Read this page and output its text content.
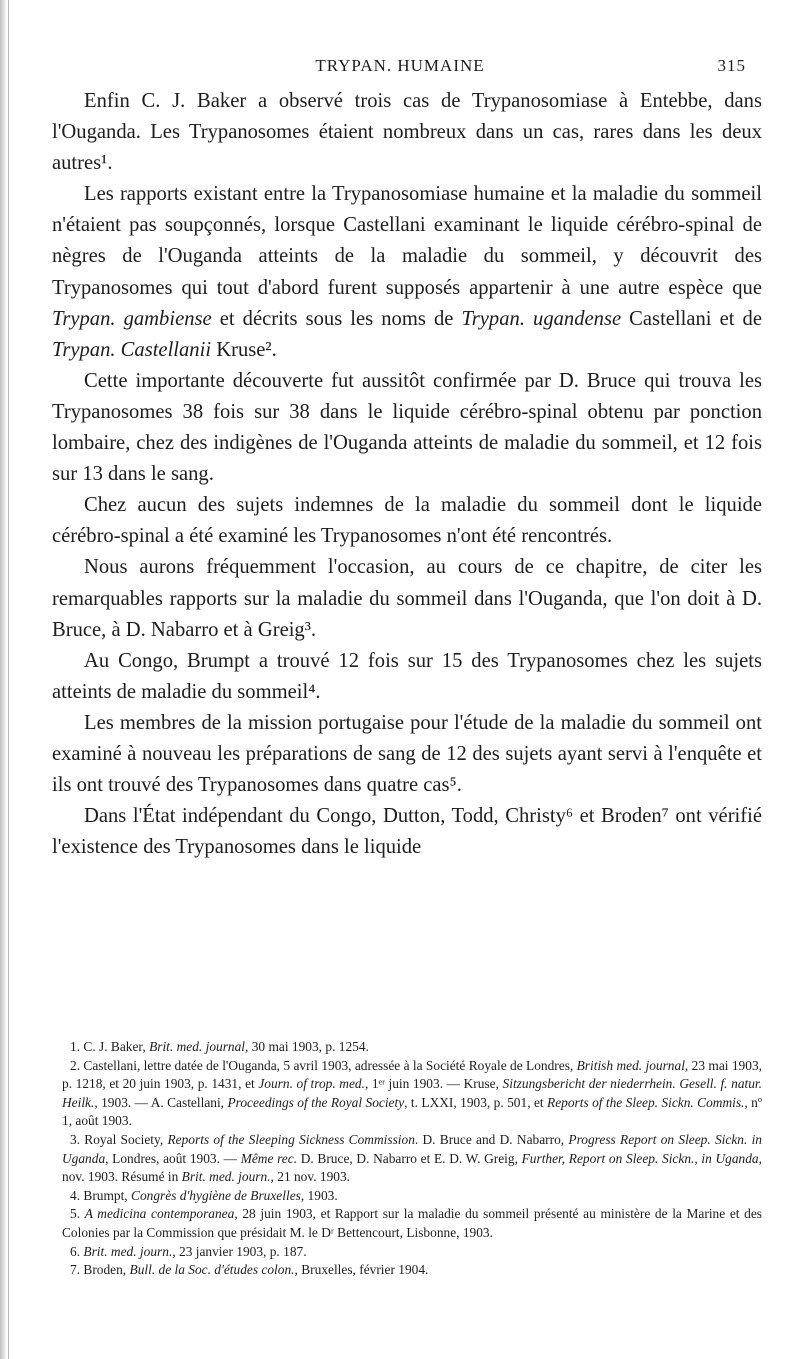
TRYPAN. HUMAINE	315

Enfin C. J. Baker a observé trois cas de Trypanosomiase à Entebbe, dans l'Ouganda. Les Trypanosomes étaient nombreux dans un cas, rares dans les deux autres¹.

Les rapports existant entre la Trypanosomiase humaine et la maladie du sommeil n'étaient pas soupçonnés, lorsque Castellani examinant le liquide cérébro-spinal de nègres de l'Ouganda atteints de la maladie du sommeil, y découvrit des Trypanosomes qui tout d'abord furent supposés appartenir à une autre espèce que Trypan. gambiense et décrits sous les noms de Trypan. ugandense Castellani et de Trypan. Castellanii Kruse².

Cette importante découverte fut aussitôt confirmée par D. Bruce qui trouva les Trypanosomes 38 fois sur 38 dans le liquide cérébro-spinal obtenu par ponction lombaire, chez des indigènes de l'Ouganda atteints de maladie du sommeil, et 12 fois sur 13 dans le sang.

Chez aucun des sujets indemnes de la maladie du sommeil dont le liquide cérébro-spinal a été examiné les Trypanosomes n'ont été rencontrés.

Nous aurons fréquemment l'occasion, au cours de ce chapitre, de citer les remarquables rapports sur la maladie du sommeil dans l'Ouganda, que l'on doit à D. Bruce, à D. Nabarro et à Greig³.

Au Congo, Brumpt a trouvé 12 fois sur 15 des Trypanosomes chez les sujets atteints de maladie du sommeil⁴.

Les membres de la mission portugaise pour l'étude de la maladie du sommeil ont examiné à nouveau les préparations de sang de 12 des sujets ayant servi à l'enquête et ils ont trouvé des Trypanosomes dans quatre cas⁵.

Dans l'État indépendant du Congo, Dutton, Todd, Christy⁶ et Broden⁷ ont vérifié l'existence des Trypanosomes dans le liquide

1. C. J. Baker, Brit. med. journal, 30 mai 1903, p. 1254.

2. Castellani, lettre datée de l'Ouganda, 5 avril 1903, adressée à la Société Royale de Londres, British med. journal, 23 mai 1903, p. 1218, et 20 juin 1903, p. 1431, et Journ. of trop. med., 1ᵉʳ juin 1903. — Kruse, Sitzungsbericht der niederrhein. Gesell. f. natur. Heilk., 1903. — A. Castellani, Proceedings of the Royal Society, t. LXXI, 1903, p. 501, et Reports of the Sleep. Sickn. Commis., nº 1, août 1903.

3. Royal Society, Reports of the Sleeping Sickness Commission. D. Bruce and D. Nabarro, Progress Report on Sleep. Sickn. in Uganda, Londres, août 1903. — Même rec. D. Bruce, D. Nabarro et E. D. W. Greig, Further, Report on Sleep. Sickn., in Uganda, nov. 1903. Résumé in Brit. med. journ., 21 nov. 1903.

4. Brumpt, Congrès d'hygiène de Bruxelles, 1903.

5. A medicina contemporanea, 28 juin 1903, et Rapport sur la maladie du sommeil présenté au ministère de la Marine et des Colonies par la Commission que présidait M. le Dʳ Bettencourt, Lisbonne, 1903.

6. Brit. med. journ., 23 janvier 1903, p. 187.

7. Broden, Bull. de la Soc. d'études colon., Bruxelles, février 1904.
